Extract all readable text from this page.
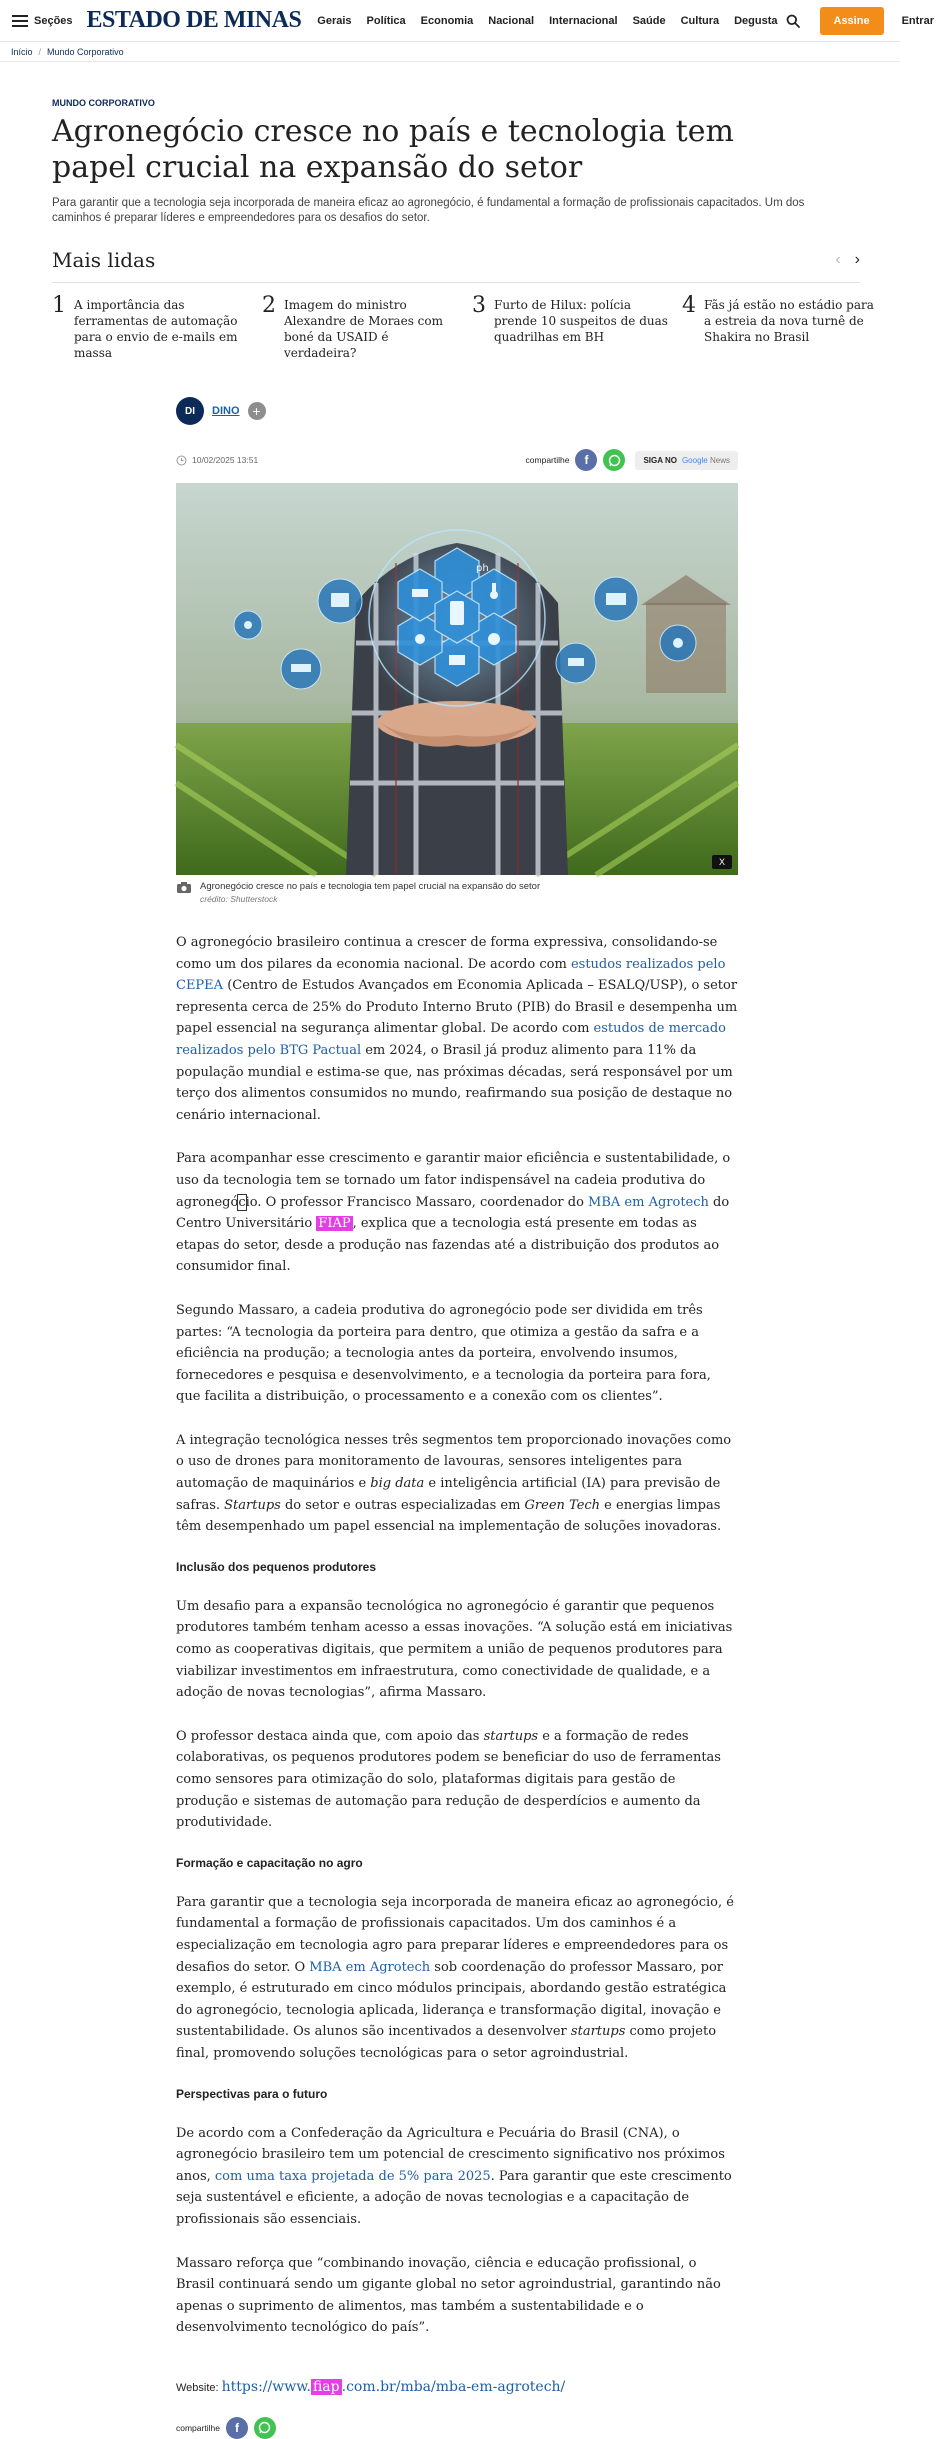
Seções ESTADO DE MINAS Gerais Política Economia Nacional Internacional Saúde Cultura Degusta	Assine	Entrar
Início / Mundo Corporativo
MUNDO CORPORATIVO
Agronegócio cresce no país e tecnologia tem papel crucial na expansão do setor
Para garantir que a tecnologia seja incorporada de maneira eficaz ao agronegócio, é fundamental a formação de profissionais capacitados. Um dos caminhos é preparar líderes e empreendedores para os desafios do setor.
Mais lidas	‹ ›
1 A importância das ferramentas de automação para o envio de e-mails em massa
2 Imagem do ministro Alexandre de Moraes com boné da USAID é verdadeira?
3 Furto de Hilux: polícia prende 10 suspeitos de duas quadrilhas em BH
4 Fãs já estão no estádio para a estreia da nova turnê de Shakira no Brasil
DI	DINO +
10/02/2025 13:51	compartilhe f	SIGA NO Google News
ph
X
Agronegócio cresce no país e tecnologia tem papel crucial na expansão do setor
crédito: Shutterstock

O agronegócio brasileiro continua a crescer de forma expressiva, consolidando-se como um dos pilares da economia nacional. De acordo com estudos realizados pelo CEPEA (Centro de Estudos Avançados em Economia Aplicada – ESALQ/USP), o setor representa cerca de 25% do Produto Interno Bruto (PIB) do Brasil e desempenha um papel essencial na segurança alimentar global. De acordo com estudos de mercado realizados pelo BTG Pactual em 2024, o Brasil já produz alimento para 11% da população mundial e estima-se que, nas próximas décadas, será responsável por um terço dos alimentos consumidos no mundo, reafirmando sua posição de destaque no cenário internacional.

Para acompanhar esse crescimento e garantir maior eficiência e sustentabilidade, o uso da tecnologia tem se tornado um fator indispensável na cadeia produtiva do agronegócio. O professor Francisco Massaro, coordenador do MBA em Agrotech do Centro Universitário FIAP , explica que a tecnologia está presente em todas as etapas do setor, desde a produção nas fazendas até a distribuição dos produtos ao consumidor final.

Segundo Massaro, a cadeia produtiva do agronegócio pode ser dividida em três partes: “A tecnologia da porteira para dentro, que otimiza a gestão da safra e a eficiência na produção; a tecnologia antes da porteira, envolvendo insumos, fornecedores e pesquisa e desenvolvimento, e a tecnologia da porteira para fora, que facilita a distribuição, o processamento e a conexão com os clientes”.

A integração tecnológica nesses três segmentos tem proporcionado inovações como o uso de drones para monitoramento de lavouras, sensores inteligentes para automação de maquinários e big data e inteligência artificial (IA) para previsão de safras. Startups do setor e outras especializadas em Green Tech e energias limpas têm desempenhado um papel essencial na implementação de soluções inovadoras.

Inclusão dos pequenos produtores

Um desafio para a expansão tecnológica no agronegócio é garantir que pequenos produtores também tenham acesso a essas inovações. “A solução está em iniciativas como as cooperativas digitais, que permitem a união de pequenos produtores para viabilizar investimentos em infraestrutura, como conectividade de qualidade, e a adoção de novas tecnologias”, afirma Massaro.

O professor destaca ainda que, com apoio das startups e a formação de redes colaborativas, os pequenos produtores podem se beneficiar do uso de ferramentas como sensores para otimização do solo, plataformas digitais para gestão de produção e sistemas de automação para redução de desperdícios e aumento da produtividade.

Formação e capacitação no agro

Para garantir que a tecnologia seja incorporada de maneira eficaz ao agronegócio, é fundamental a formação de profissionais capacitados. Um dos caminhos é a especialização em tecnologia agro para preparar líderes e empreendedores para os desafios do setor. O MBA em Agrotech sob coordenação do professor Massaro, por exemplo, é estruturado em cinco módulos principais, abordando gestão estratégica do agronegócio, tecnologia aplicada, liderança e transformação digital, inovação e sustentabilidade. Os alunos são incentivados a desenvolver startups como projeto final, promovendo soluções tecnológicas para o setor agroindustrial.

Perspectivas para o futuro

De acordo com a Confederação da Agricultura e Pecuária do Brasil (CNA), o agronegócio brasileiro tem um potencial de crescimento significativo nos próximos anos, com uma taxa projetada de 5% para 2025. Para garantir que este crescimento seja sustentável e eficiente, a adoção de novas tecnologias e a capacitação de profissionais são essenciais.

Massaro reforça que “combinando inovação, ciência e educação profissional, o Brasil continuará sendo um gigante global no setor agroindustrial, garantindo não apenas o suprimento de alimentos, mas também a sustentabilidade e o desenvolvimento tecnológico do país”.

Website: https://www. fiap .com.br/mba/mba-em-agrotech/
compartilhe f
